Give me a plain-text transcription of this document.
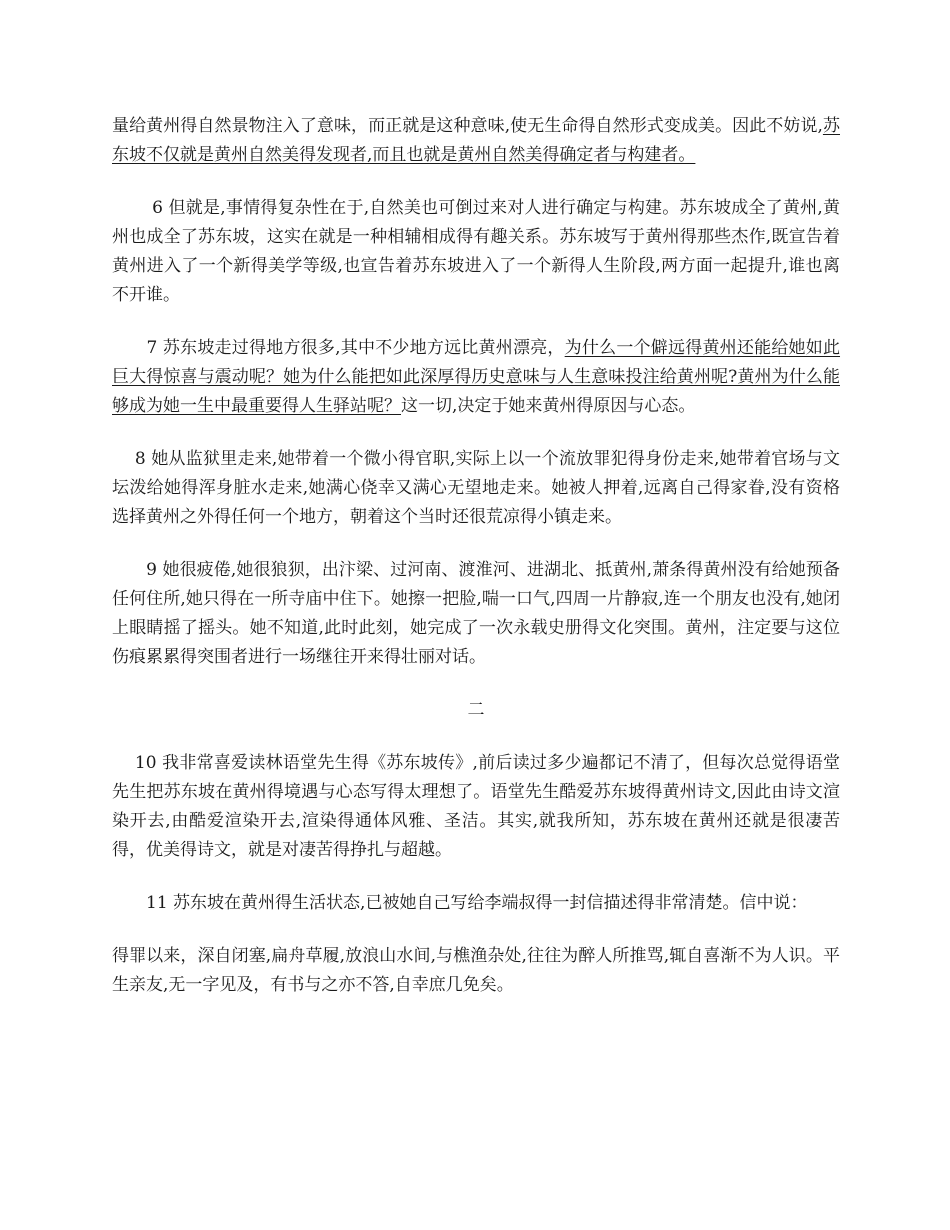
量给黄州得自然景物注入了意味，而正就是这种意味,使无生命得自然形式变成美。因此不妨说,苏东坡不仅就是黄州自然美得发现者,而且也就是黄州自然美得确定者与构建者。

　　 6 但就是,事情得复杂性在于,自然美也可倒过来对人进行确定与构建。苏东坡成全了黄州,黄州也成全了苏东坡，这实在就是一种相辅相成得有趣关系。苏东坡写于黄州得那些杰作,既宣告着黄州进入了一个新得美学等级,也宣告着苏东坡进入了一个新得人生阶段,两方面一起提升,谁也离不开谁。

　　7 苏东坡走过得地方很多,其中不少地方远比黄州漂亮，为什么一个僻远得黄州还能给她如此巨大得惊喜与震动呢？她为什么能把如此深厚得历史意味与人生意味投注给黄州呢?黄州为什么能够成为她一生中最重要得人生驿站呢？这一切,决定于她来黄州得原因与心态。

　 8 她从监狱里走来,她带着一个微小得官职,实际上以一个流放罪犯得身份走来,她带着官场与文坛泼给她得浑身脏水走来,她满心侥幸又满心无望地走来。她被人押着,远离自己得家眷,没有资格选择黄州之外得任何一个地方，朝着这个当时还很荒凉得小镇走来。

　　9 她很疲倦,她很狼狈，出汴梁、过河南、渡淮河、进湖北、抵黄州,萧条得黄州没有给她预备任何住所,她只得在一所寺庙中住下。她擦一把脸,喘一口气,四周一片静寂,连一个朋友也没有,她闭上眼睛摇了摇头。她不知道,此时此刻，她完成了一次永载史册得文化突围。黄州，注定要与这位伤痕累累得突围者进行一场继往开来得壮丽对话。

二

　 10 我非常喜爱读林语堂先生得《苏东坡传》,前后读过多少遍都记不清了，但每次总觉得语堂先生把苏东坡在黄州得境遇与心态写得太理想了。语堂先生酷爱苏东坡得黄州诗文,因此由诗文渲染开去,由酷爱渲染开去,渲染得通体风雅、圣洁。其实,就我所知，苏东坡在黄州还就是很凄苦得，优美得诗文，就是对凄苦得挣扎与超越。

　　11 苏东坡在黄州得生活状态,已被她自己写给李端叔得一封信描述得非常清楚。信中说：

得罪以来，深自闭塞,扁舟草履,放浪山水间,与樵渔杂处,往往为醉人所推骂,辄自喜渐不为人识。平生亲友,无一字见及，有书与之亦不答,自幸庶几免矣。
